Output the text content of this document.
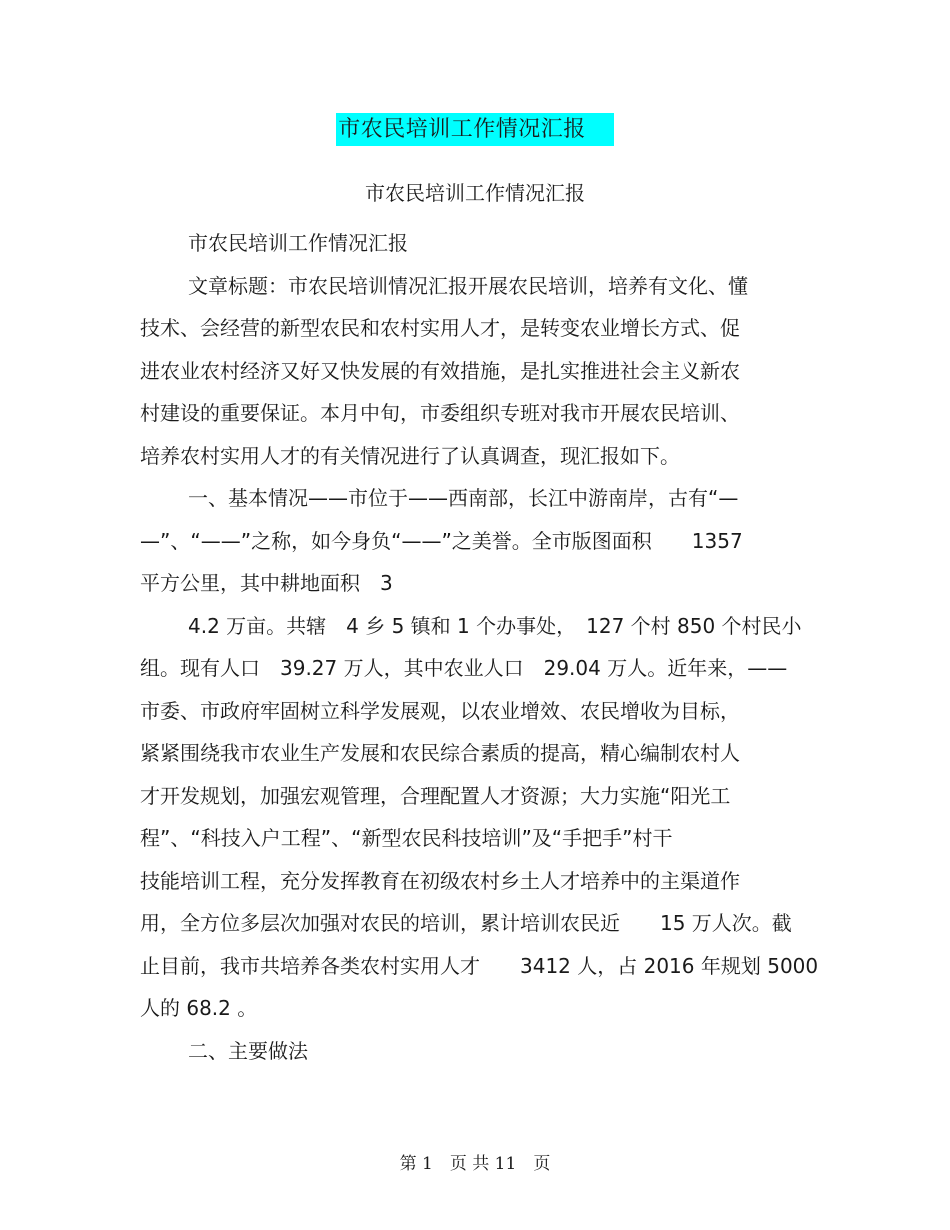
市农民培训工作情况汇报
市农民培训工作情况汇报
市农民培训工作情况汇报
文章标题：市农民培训情况汇报开展农民培训，培养有文化、懂
技术、会经营的新型农民和农村实用人才，是转变农业增长方式、促
进农业农村经济又好又快发展的有效措施，是扎实推进社会主义新农
村建设的重要保证。本月中旬，市委组织专班对我市开展农民培训、
培养农村实用人才的有关情况进行了认真调查，现汇报如下。
一、基本情况——市位于——西南部，长江中游南岸，古有“—
—”、“——”之称，如今身负“——”之美誉。全市版图面积　　1357
平方公里，其中耕地面积　3
4.2 万亩。共辖　4 乡 5 镇和 1 个办事处，　127 个村 850 个村民小
组。现有人口　39.27 万人，其中农业人口　29.04 万人。近年来，——
市委、市政府牢固树立科学发展观，以农业增效、农民增收为目标，
紧紧围绕我市农业生产发展和农民综合素质的提高，精心编制农村人
才开发规划，加强宏观管理，合理配置人才资源；大力实施“阳光工
程”、“科技入户工程”、“新型农民科技培训”及“手把手”村干
技能培训工程，充分发挥教育在初级农村乡土人才培养中的主渠道作
用，全方位多层次加强对农民的培训，累计培训农民近　　15 万人次。截
止目前，我市共培养各类农村实用人才　　3412 人，占 2016 年规划 5000
人的 68.2 。
二、主要做法
第 1　页 共 11　页
